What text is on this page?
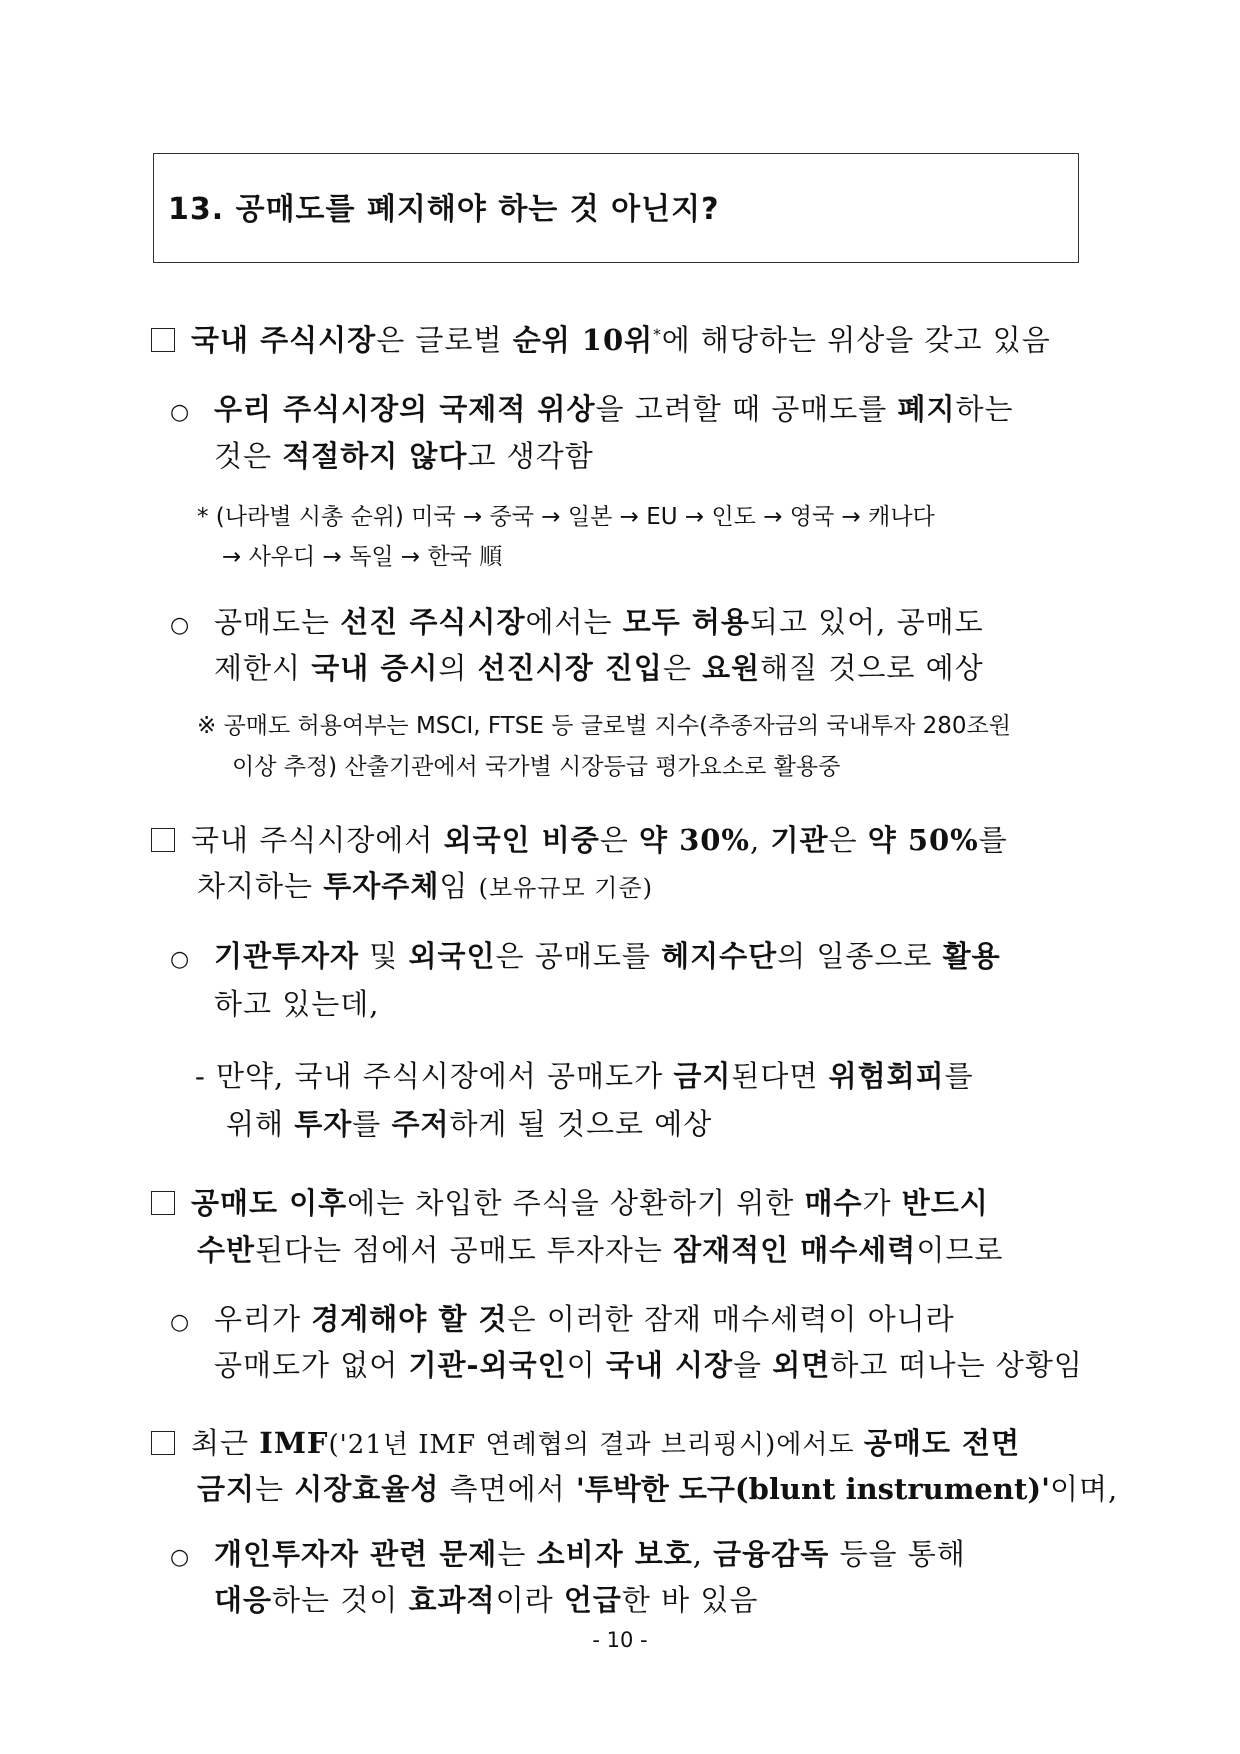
13. 공매도를 폐지해야 하는 것 아닌지?
국내 주식시장은 글로벌 순위 10위*에 해당하는 위상을 갖고 있음
○ 우리 주식시장의 국제적 위상을 고려할 때 공매도를 폐지하는
것은 적절하지 않다고 생각함
* (나라별 시총 순위) 미국 → 중국 → 일본 → EU → 인도 → 영국 → 캐나다
→ 사우디 → 독일 → 한국 順
○ 공매도는 선진 주식시장에서는 모두 허용되고 있어, 공매도
제한시 국내 증시의 선진시장 진입은 요원해질 것으로 예상
※ 공매도 허용여부는 MSCI, FTSE 등 글로벌 지수(추종자금의 국내투자 280조원
이상 추정) 산출기관에서 국가별 시장등급 평가요소로 활용중
국내 주식시장에서 외국인 비중은 약 30%, 기관은 약 50%를
차지하는 투자주체임 (보유규모 기준)
○ 기관투자자 및 외국인은 공매도를 헤지수단의 일종으로 활용
하고 있는데,
- 만약, 국내 주식시장에서 공매도가 금지된다면 위험회피를
위해 투자를 주저하게 될 것으로 예상
공매도 이후에는 차입한 주식을 상환하기 위한 매수가 반드시
수반된다는 점에서 공매도 투자자는 잠재적인 매수세력이므로
○ 우리가 경계해야 할 것은 이러한 잠재 매수세력이 아니라
공매도가 없어 기관-외국인이 국내 시장을 외면하고 떠나는 상황임
최근 IMF('21년 IMF 연례협의 결과 브리핑시)에서도 공매도 전면
금지는 시장효율성 측면에서 '투박한 도구(blunt instrument)'이며,
○ 개인투자자 관련 문제는 소비자 보호, 금융감독 등을 통해
대응하는 것이 효과적이라 언급한 바 있음
- 10 -
